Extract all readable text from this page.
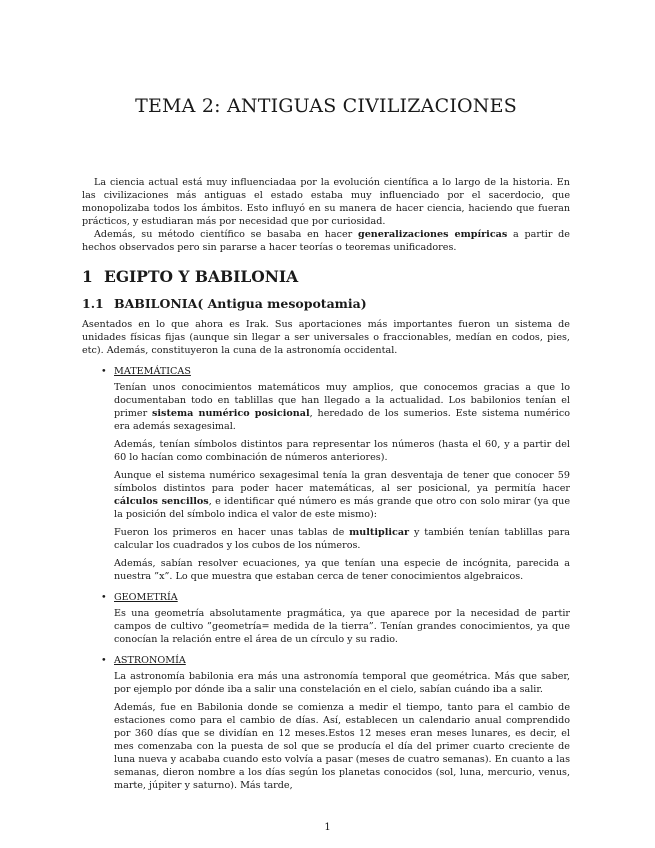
TEMA 2: ANTIGUAS CIVILIZACIONES

La ciencia actual está muy influenciadaa por la evolución científica a lo largo de la historia. En las civilizaciones más antiguas el estado estaba muy influenciado por el sacerdocio, que monopolizaba todos los ámbitos. Esto influyó en su manera de hacer ciencia, haciendo que fueran prácticos, y estudiaran más por necesidad que por curiosidad.

Además, su método científico se basaba en hacer generalizaciones empíricas a partir de hechos observados pero sin pararse a hacer teorías o teoremas unificadores.

1 EGIPTO Y BABILONIA
1.1 BABILONIA( Antigua mesopotamia)

Asentados en lo que ahora es Irak. Sus aportaciones más importantes fueron un sistema de unidades físicas fijas (aunque sin llegar a ser universales o fraccionables, medían en codos, pies, etc). Además, constituyeron la cuna de la astronomía occidental.

• MATEMÁTICAS

Tenían unos conocimientos matemáticos muy amplios, que conocemos gracias a que lo documentaban todo en tablillas que han llegado a la actualidad. Los babilonios tenían el primer sistema numérico posicional, heredado de los sumerios. Este sistema numérico era además sexagesimal.

Además, tenían símbolos distintos para representar los números (hasta el 60, y a partir del 60 lo hacían como combinación de números anteriores).

Aunque el sistema numérico sexagesimal tenía la gran desventaja de tener que conocer 59 símbolos distintos para poder hacer matemáticas, al ser posicional, ya permitía hacer cálculos sencillos, e identificar qué número es más grande que otro con solo mirar (ya que la posición del símbolo indica el valor de este mismo):

Fueron los primeros en hacer unas tablas de multiplicar y también tenían tablillas para calcular los cuadrados y los cubos de los números.

Además, sabían resolver ecuaciones, ya que tenían una especie de incógnita, parecida a nuestra ”x”. Lo que muestra que estaban cerca de tener conocimientos algebraicos.

• GEOMETRÍA

Es una geometría absolutamente pragmática, ya que aparece por la necesidad de partir campos de cultivo ”geometría= medida de la tierra”. Tenían grandes conocimientos, ya que conocían la relación entre el área de un círculo y su radio.

• ASTRONOMÍA

La astronomía babilonia era más una astronomía temporal que geométrica. Más que saber, por ejemplo por dónde iba a salir una constelación en el cielo, sabían cuándo iba a salir.

Además, fue en Babilonia donde se comienza a medir el tiempo, tanto para el cambio de estaciones como para el cambio de días. Así, establecen un calendario anual comprendido por 360 días que se dividían en 12 meses.Estos 12 meses eran meses lunares, es decir, el mes comenzaba con la puesta de sol que se producía el día del primer cuarto creciente de luna nueva y acababa cuando esto volvía a pasar (meses de cuatro semanas). En cuanto a las semanas, dieron nombre a los días según los planetas conocidos (sol, luna, mercurio, venus, marte, júpiter y saturno). Más tarde,

1
